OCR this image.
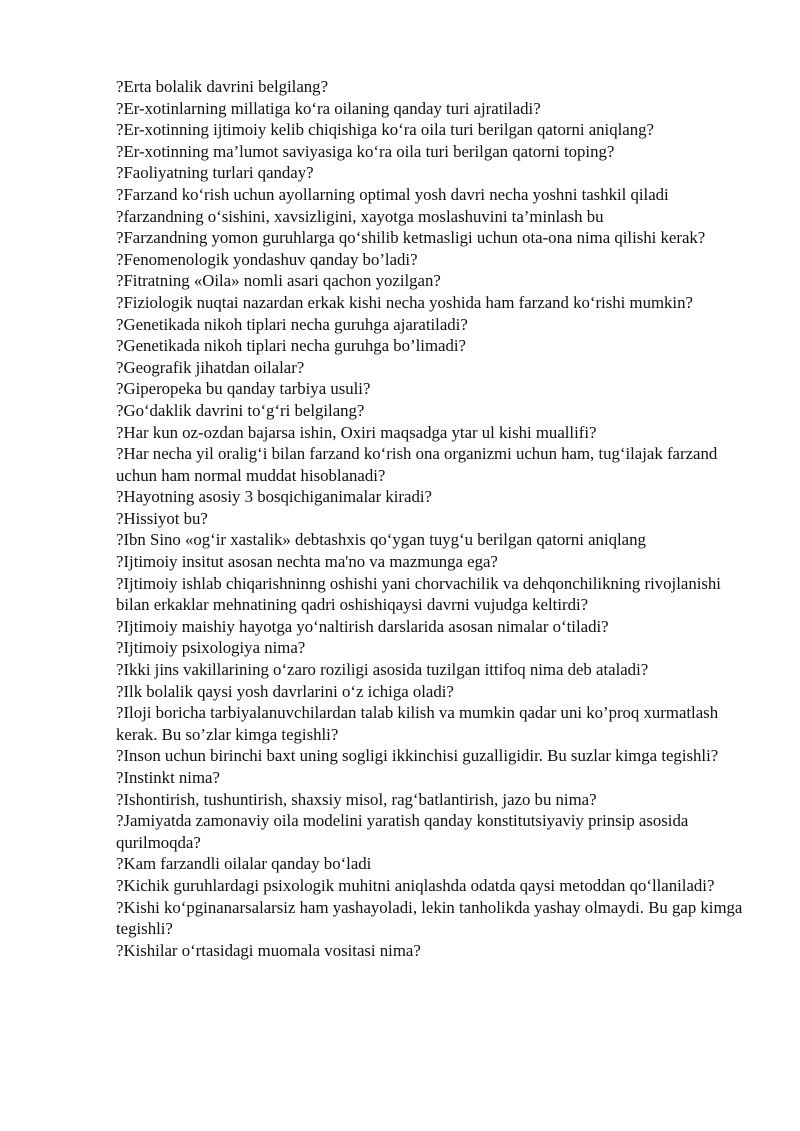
?Erta bolalik davrini belgilang?
?Er-xotinlarning millatiga ko‘ra oilaning qanday turi ajratiladi?
?Er-xotinning ijtimoiy kelib chiqishiga ko‘ra oila turi berilgan qatorni aniqlang?
?Er-xotinning ma’lumot saviyasiga ko‘ra oila turi berilgan qatorni toping?
?Faoliyatning turlari qanday?
?Farzand ko‘rish uchun ayollarning optimal yosh davri necha yoshni tashkil qiladi
?farzandning o‘sishini, xavsizligini, xayotga moslashuvini ta’minlash bu
?Farzandning yomon guruhlarga qo‘shilib ketmasligi uchun ota-ona nima qilishi kerak?
?Fenomenologik yondashuv qanday bo’ladi?
?Fitratning «Oila» nomli asari qachon yozilgan?
?Fiziologik nuqtai nazardan erkak kishi necha yoshida ham farzand ko‘rishi mumkin?
?Genetikada nikoh tiplari necha guruhga ajaratiladi?
?Genetikada nikoh tiplari necha guruhga bo’limadi?
?Geografik jihatdan oilalar?
?Giperopeka bu qanday tarbiya usuli?
?Go‘daklik davrini to‘g‘ri belgilang?
?Har kun oz-ozdan bajarsa ishin, Oxiri maqsadga ytar ul kishi muallifi?
?Har necha yil oralig‘i bilan farzand ko‘rish ona organizmi uchun ham, tug‘ilajak farzand uchun ham normal muddat hisoblanadi?
?Hayotning asosiy 3 bosqichiganimalar kiradi?
?Hissiyot bu?
?Ibn Sino «og‘ir xastalik» debtashxis qo‘ygan tuyg‘u berilgan qatorni aniqlang
?Ijtimoiy insitut asosan nechta ma'no va mazmunga ega?
?Ijtimoiy ishlab chiqarishninng oshishi yani chorvachilik va dehqonchilikning rivojlanishi bilan erkaklar mehnatining qadri oshishiqaysi davrni vujudga keltirdi?
?Ijtimoiy maishiy hayotga yo‘naltirish darslarida asosan nimalar o‘tiladi?
?Ijtimoiy psixologiya nima?
?Ikki jins vakillarining o‘zaro roziligi asosida tuzilgan ittifoq nima deb ataladi?
?Ilk bolalik qaysi yosh davrlarini o‘z ichiga oladi?
?Iloji boricha tarbiyalanuvchilardan talab kilish va mumkin qadar uni ko’proq xurmatlash kerak. Bu so’zlar kimga tegishli?
?Inson uchun birinchi baxt uning sogligi ikkinchisi guzalligidir. Bu suzlar kimga tegishli?
?Instinkt nima?
?Ishontirish, tushuntirish, shaxsiy misol, rag‘batlantirish, jazo bu nima?
?Jamiyatda zamonaviy oila modelini yaratish qanday konstitutsiyaviy prinsip asosida qurilmoqda?
?Kam farzandli oilalar qanday bo‘ladi
?Kichik guruhlardagi psixologik muhitni aniqlashda odatda qaysi metoddan qo‘llaniladi?
?Kishi ko‘pginanarsalarsiz ham yashayoladi, lekin tanholikda yashay olmaydi. Bu gap kimga tegishli?
?Kishilar o‘rtasidagi muomala vositasi nima?
